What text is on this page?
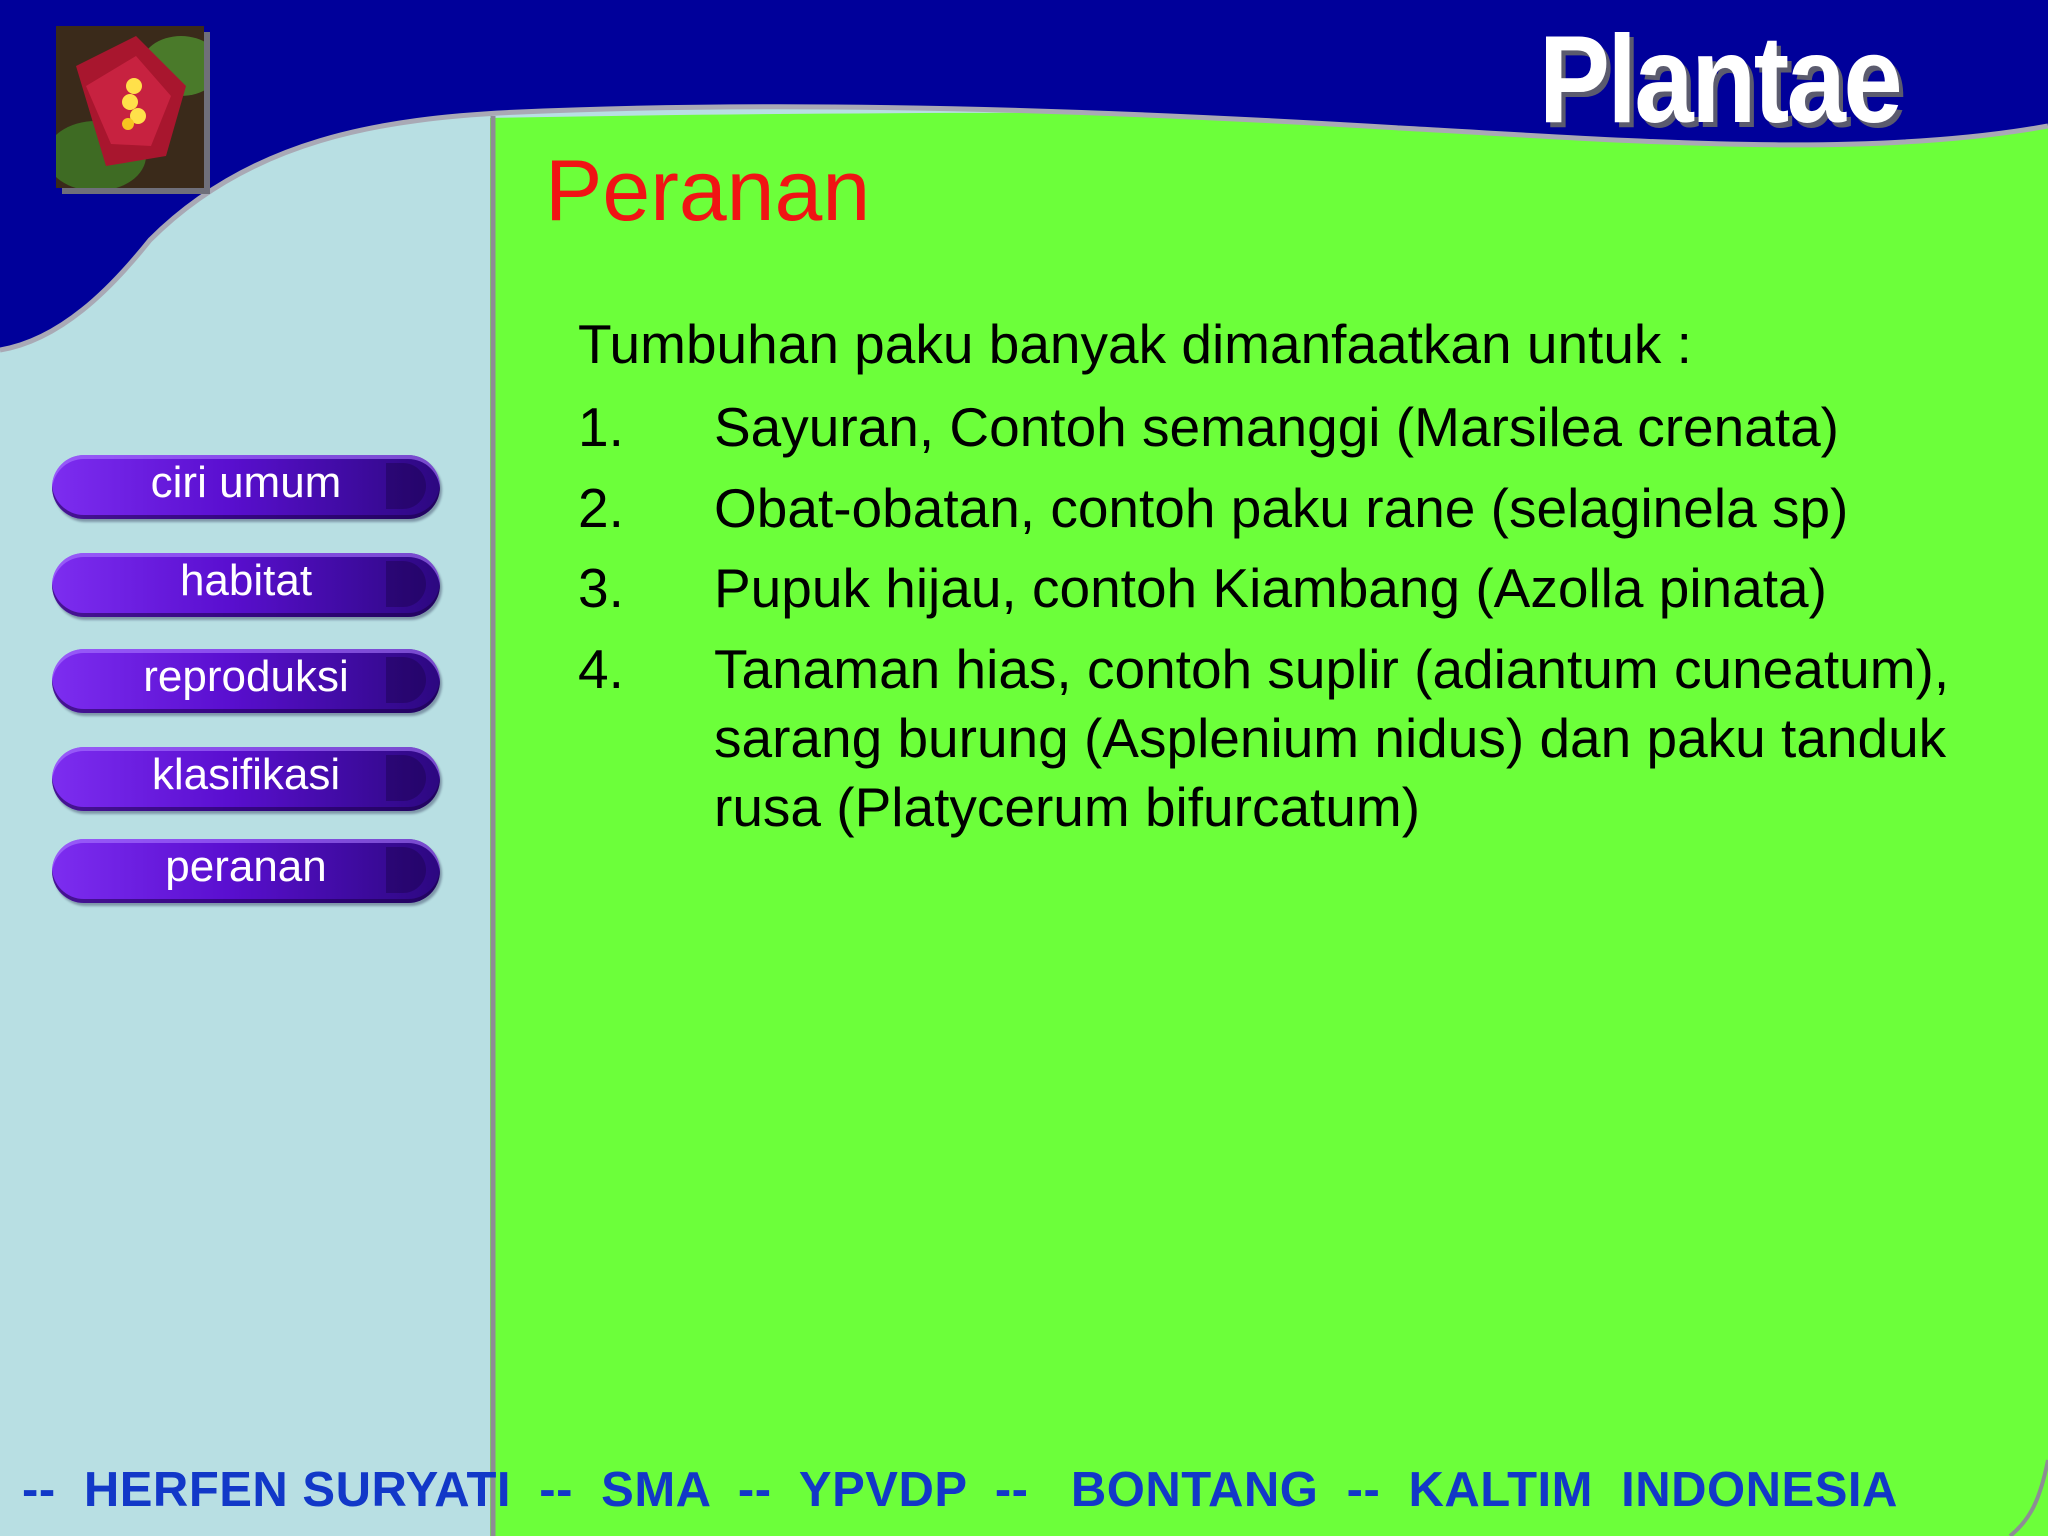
Plantae
Peranan
Tumbuhan paku banyak dimanfaatkan untuk :
1.	Sayuran, Contoh semanggi (Marsilea crenata)
2.	Obat-obatan, contoh paku rane (selaginela sp)
3.	Pupuk hijau, contoh Kiambang (Azolla pinata)
4.	Tanaman hias, contoh suplir (adiantum cuneatum), sarang burung (Asplenium nidus) dan paku tanduk rusa (Platycerum bifurcatum)
ciri umum
habitat
reproduksi
klasifikasi
peranan
--  HERFEN SURYATI  --  SMA  --  YPVDP  --   BONTANG  --  KALTIM  INDONESIA
